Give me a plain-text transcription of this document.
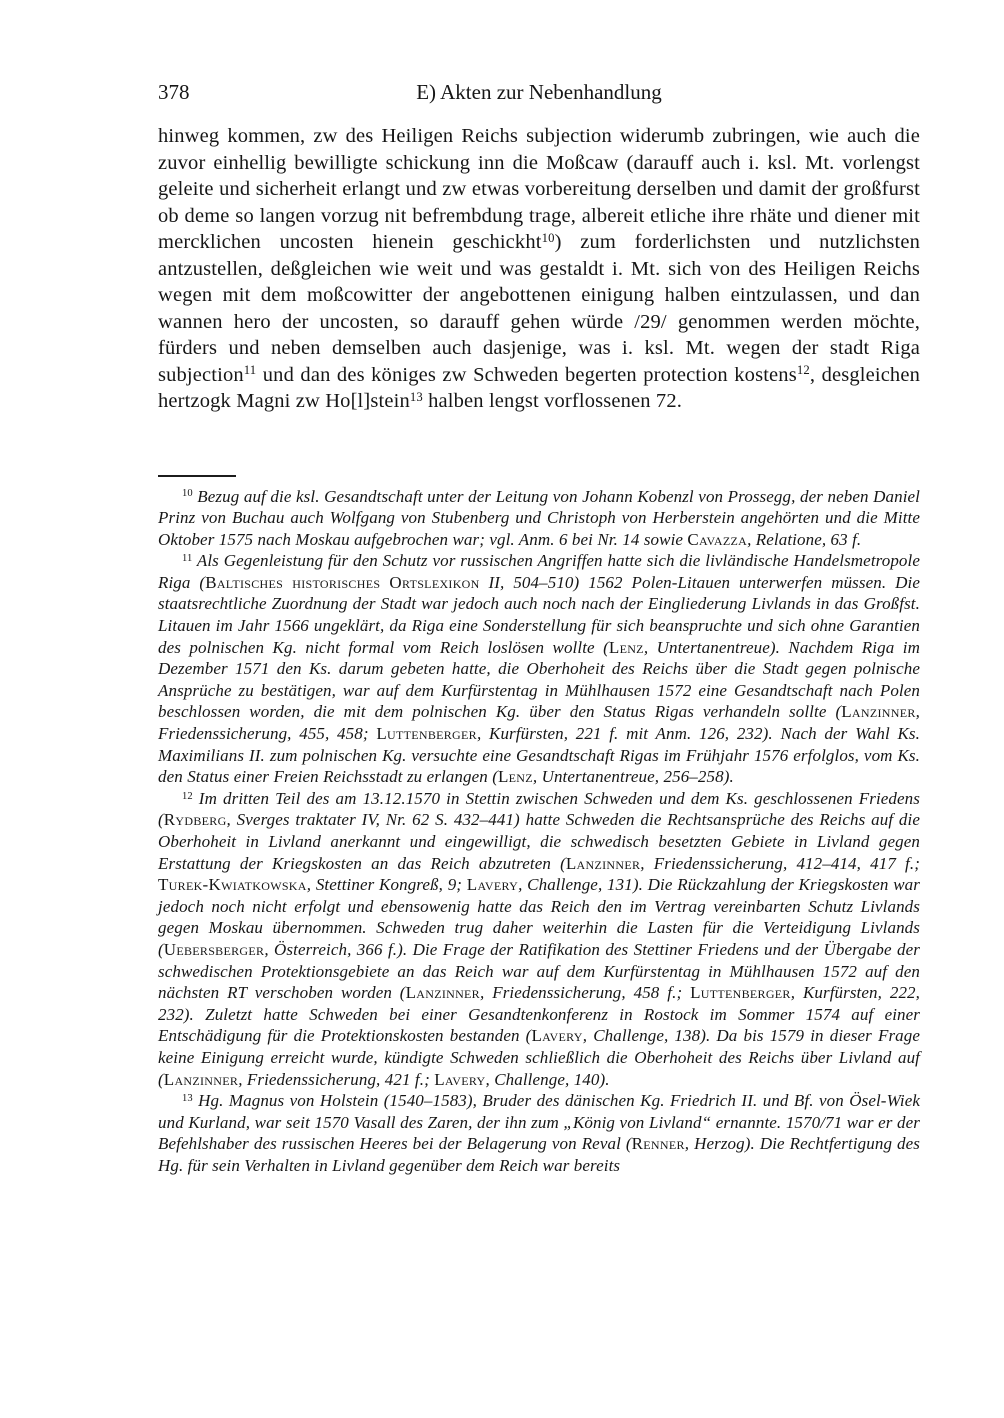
378	E) Akten zur Nebenhandlung

hinweg kommen, zw des Heiligen Reichs subjection widerumb zubringen, wie auch die zuvor einhellig bewilligte schickung inn die Moßcaw (darauff auch i. ksl. Mt. vorlengst geleite und sicherheit erlangt und zw etwas vorbereitung derselben und damit der großfurst ob deme so langen vorzug nit befrembdung trage, albereit etliche ihre rhäte und diener mit mercklichen uncosten hienein geschickht$^{10}$) zum forderlichsten und nutzlichsten antzustellen, deßgleichen wie weit und was gestaldt i. Mt. sich von des Heiligen Reichs wegen mit dem moßcowitter der angebottenen einigung halben eintzulassen, und dan wannen hero der uncosten, so darauff gehen würde /29/ genommen werden möchte, fürders und neben demselben auch dasjenige, was i. ksl. Mt. wegen der stadt Riga subjection$^{11}$ und dan des königes zw Schweden begerten protection kostens$^{12}$, desgleichen hertzogk Magni zw Ho[l]stein$^{13}$ halben lengst vorflossenen 72.

$^{10}$ Bezug auf die ksl. Gesandtschaft unter der Leitung von Johann Kobenzl von Prossegg, der neben Daniel Prinz von Buchau auch Wolfgang von Stubenberg und Christoph von Herberstein angehörten und die Mitte Oktober 1575 nach Moskau aufgebrochen war; vgl. Anm. 6 bei Nr. 14 sowie Cavazza, Relatione, 63 f.

$^{11}$ Als Gegenleistung für den Schutz vor russischen Angriffen hatte sich die livländische Handelsmetropole Riga (Baltisches historisches Ortslexikon II, 504–510) 1562 Polen-Litauen unterwerfen müssen. Die staatsrechtliche Zuordnung der Stadt war jedoch auch noch nach der Eingliederung Livlands in das Großfst. Litauen im Jahr 1566 ungeklärt, da Riga eine Sonderstellung für sich beanspruchte und sich ohne Garantien des polnischen Kg. nicht formal vom Reich loslösen wollte (Lenz, Untertanentreue). Nachdem Riga im Dezember 1571 den Ks. darum gebeten hatte, die Oberhoheit des Reichs über die Stadt gegen polnische Ansprüche zu bestätigen, war auf dem Kurfürstentag in Mühlhausen 1572 eine Gesandtschaft nach Polen beschlossen worden, die mit dem polnischen Kg. über den Status Rigas verhandeln sollte (Lanzinner, Friedenssicherung, 455, 458; Luttenberger, Kurfürsten, 221 f. mit Anm. 126, 232). Nach der Wahl Ks. Maximilians II. zum polnischen Kg. versuchte eine Gesandtschaft Rigas im Frühjahr 1576 erfolglos, vom Ks. den Status einer Freien Reichsstadt zu erlangen (Lenz, Untertanentreue, 256–258).

$^{12}$ Im dritten Teil des am 13.12.1570 in Stettin zwischen Schweden und dem Ks. geschlossenen Friedens (Rydberg, Sverges traktater IV, Nr. 62 S. 432–441) hatte Schweden die Rechtsansprüche des Reichs auf die Oberhoheit in Livland anerkannt und eingewilligt, die schwedisch besetzten Gebiete in Livland gegen Erstattung der Kriegskosten an das Reich abzutreten (Lanzinner, Friedenssicherung, 412–414, 417 f.; Turek-Kwiatkowska, Stettiner Kongreß, 9; Lavery, Challenge, 131). Die Rückzahlung der Kriegskosten war jedoch noch nicht erfolgt und ebensowenig hatte das Reich den im Vertrag vereinbarten Schutz Livlands gegen Moskau übernommen. Schweden trug daher weiterhin die Lasten für die Verteidigung Livlands (Uebersberger, Österreich, 366 f.). Die Frage der Ratifikation des Stettiner Friedens und der Übergabe der schwedischen Protektionsgebiete an das Reich war auf dem Kurfürstentag in Mühlhausen 1572 auf den nächsten RT verschoben worden (Lanzinner, Friedenssicherung, 458 f.; Luttenberger, Kurfürsten, 222, 232). Zuletzt hatte Schweden bei einer Gesandtenkonferenz in Rostock im Sommer 1574 auf einer Entschädigung für die Protektionskosten bestanden (Lavery, Challenge, 138). Da bis 1579 in dieser Frage keine Einigung erreicht wurde, kündigte Schweden schließlich die Oberhoheit des Reichs über Livland auf (Lanzinner, Friedenssicherung, 421 f.; Lavery, Challenge, 140).

$^{13}$ Hg. Magnus von Holstein (1540–1583), Bruder des dänischen Kg. Friedrich II. und Bf. von Ösel-Wiek und Kurland, war seit 1570 Vasall des Zaren, der ihn zum „König von Livland“ ernannte. 1570/71 war er der Befehlshaber des russischen Heeres bei der Belagerung von Reval (Renner, Herzog). Die Rechtfertigung des Hg. für sein Verhalten in Livland gegenüber dem Reich war bereits
